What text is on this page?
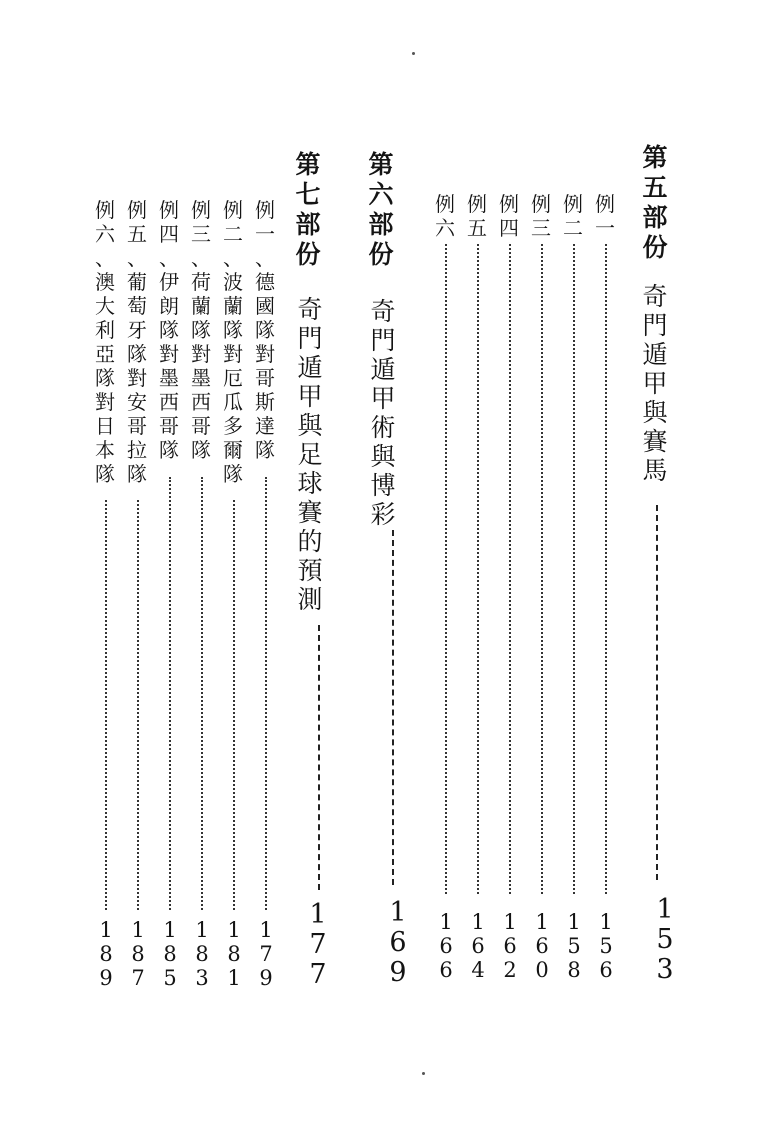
第
五
部
份
奇
門
遁
甲
與
賽
馬
1
5
3
例
一
1
5
6
例
二
1
5
8
例
三
1
6
0
例
四
1
6
2
例
五
1
6
4
例
六
1
6
6
第
六
部
份
奇
門
遁
甲
術
與
博
彩
1
6
9
第
七
部
份
奇
門
遁
甲
與
足
球
賽
的
預
測
1
7
7
例
一
、
德
國
隊
對
哥
斯
達
隊
1
7
9
例
二
、
波
蘭
隊
對
厄
瓜
多
爾
隊
1
8
1
例
三
、
荷
蘭
隊
對
墨
西
哥
隊
1
8
3
例
四
、
伊
朗
隊
對
墨
西
哥
隊
1
8
5
例
五
、
葡
萄
牙
隊
對
安
哥
拉
隊
1
8
7
例
六
、
澳
大
利
亞
隊
對
日
本
隊
1
8
9
